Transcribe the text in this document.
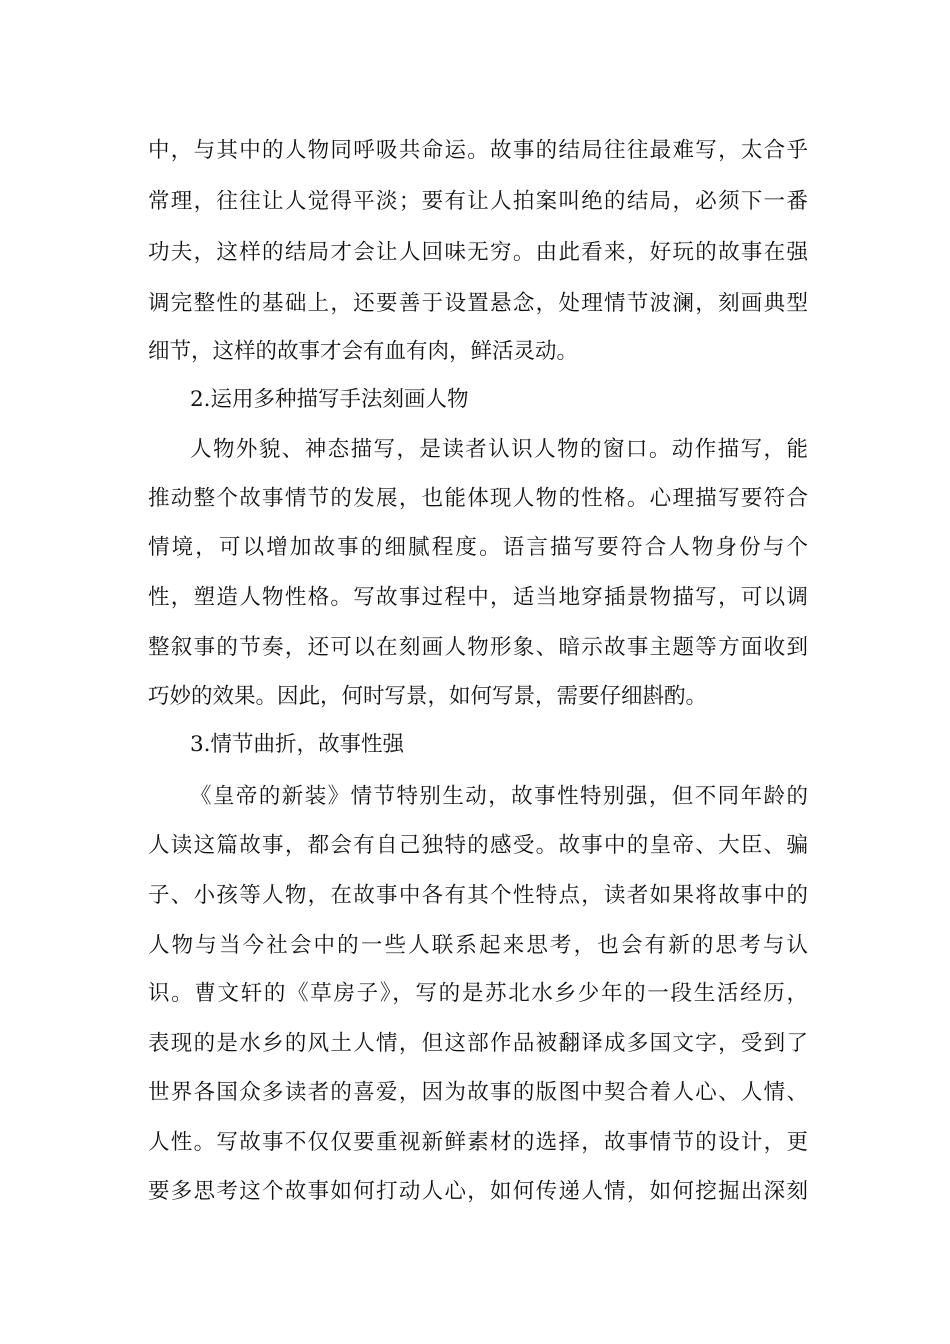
中，与其中的人物同呼吸共命运。故事的结局往往最难写，太合乎
常理，往往让人觉得平淡；要有让人拍案叫绝的结局，必须下一番
功夫，这样的结局才会让人回味无穷。由此看来，好玩的故事在强
调完整性的基础上，还要善于设置悬念，处理情节波澜，刻画典型
细节，这样的故事才会有血有肉，鲜活灵动。
2.运用多种描写手法刻画人物
人物外貌、神态描写，是读者认识人物的窗口。动作描写，能
推动整个故事情节的发展，也能体现人物的性格。心理描写要符合
情境，可以增加故事的细腻程度。语言描写要符合人物身份与个
性，塑造人物性格。写故事过程中，适当地穿插景物描写，可以调
整叙事的节奏，还可以在刻画人物形象、暗示故事主题等方面收到
巧妙的效果。因此，何时写景，如何写景，需要仔细斟酌。
3.情节曲折，故事性强
《皇帝的新装》情节特别生动，故事性特别强，但不同年龄的
人读这篇故事，都会有自己独特的感受。故事中的皇帝、大臣、骗
子、小孩等人物，在故事中各有其个性特点，读者如果将故事中的
人物与当今社会中的一些人联系起来思考，也会有新的思考与认
识。曹文轩的《草房子》，写的是苏北水乡少年的一段生活经历，
表现的是水乡的风土人情，但这部作品被翻译成多国文字，受到了
世界各国众多读者的喜爱，因为故事的版图中契合着人心、人情、
人性。写故事不仅仅要重视新鲜素材的选择，故事情节的设计，更
要多思考这个故事如何打动人心，如何传递人情，如何挖掘出深刻
